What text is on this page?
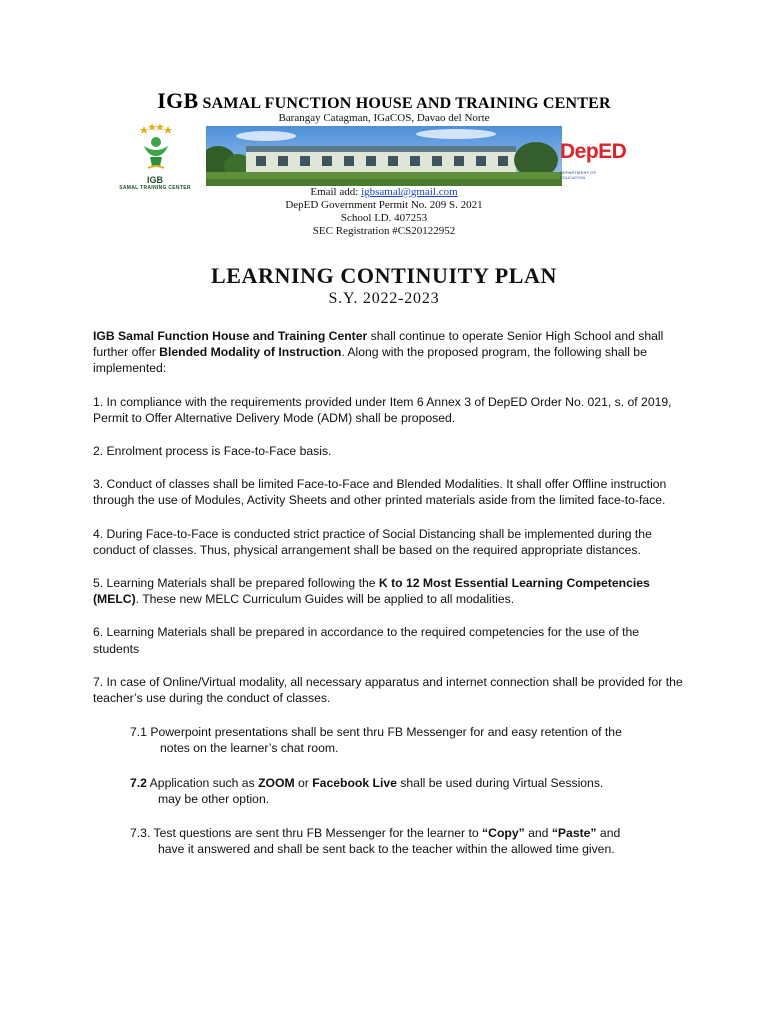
IGB SAMAL FUNCTION HOUSE AND TRAINING CENTER
Barangay Catagman, IGaCOS, Davao del Norte
IGB
SAMAL TRAINING CENTER
DepED
DEPARTMENT OF EDUCATION
Email add: igbsamal@gmail.com
DepED Government Permit No. 209 S. 2021
School I.D. 407253
SEC Registration #CS20122952
LEARNING CONTINUITY PLAN
S.Y. 2022-2023

IGB Samal Function House and Training Center shall continue to operate Senior High School and shall further offer Blended Modality of Instruction. Along with the proposed program, the following shall be implemented:

1. In compliance with the requirements provided under Item 6 Annex 3 of DepED Order No. 021, s. of 2019, Permit to Offer Alternative Delivery Mode (ADM) shall be proposed.

2. Enrolment process is Face-to-Face basis.

3. Conduct of classes shall be limited Face-to-Face and Blended Modalities. It shall offer Offline instruction through the use of Modules, Activity Sheets and other printed materials aside from the limited face-to-face.

4. During Face-to-Face is conducted strict practice of Social Distancing shall be implemented during the conduct of classes. Thus, physical arrangement shall be based on the required appropriate distances.

5. Learning Materials shall be prepared following the K to 12 Most Essential Learning Competencies (MELC). These new MELC Curriculum Guides will be applied to all modalities.

6. Learning Materials shall be prepared in accordance to the required competencies for the use of the students

7. In case of Online/Virtual modality, all necessary apparatus and internet connection shall be provided for the teacher’s use during the conduct of classes.

7.1 Powerpoint presentations shall be sent thru FB Messenger for and easy retention of the
notes on the learner’s chat room.
7.2 Application such as ZOOM or Facebook Live shall be used during Virtual Sessions.
may be other option.
7.3. Test questions are sent thru FB Messenger for the learner to “Copy” and “Paste” and
have it answered and shall be sent back to the teacher within the allowed time given.
